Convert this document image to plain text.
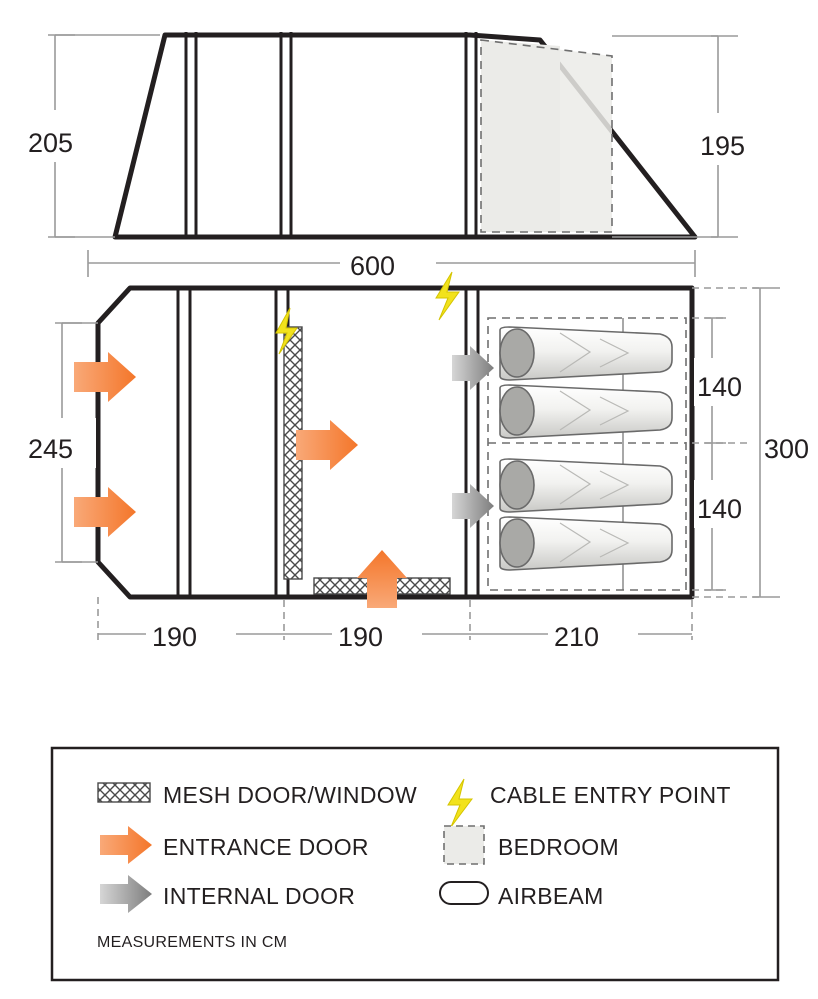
205	195
600
245	300
140
140
190	190	210
MESH DOOR/WINDOW	CABLE ENTRY POINT
ENTRANCE DOOR	BEDROOM
INTERNAL DOOR	AIRBEAM
MEASUREMENTS IN CM
